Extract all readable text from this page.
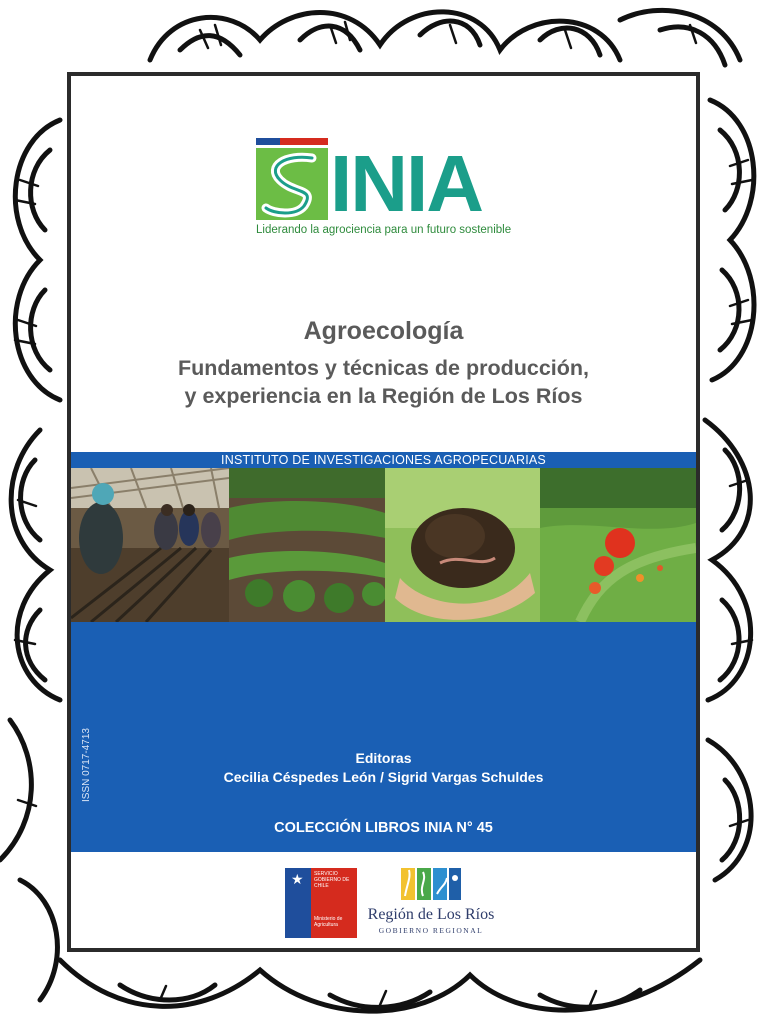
INIA
Liderando la agrociencia para un futuro sostenible
Agroecología
Fundamentos y técnicas de producción,
y experiencia en la Región de Los Ríos
INSTITUTO DE INVESTIGACIONES AGROPECUARIAS
ISSN 0717-4713	Editoras
Cecilia Céspedes León / Sigrid Vargas Schuldes
COLECCIÓN LIBROS INIA N° 45
★ SERVICIO GOBIERNO DE CHILE
Ministerio de Agricultura
Región de Los Ríos
GOBIERNO REGIONAL
